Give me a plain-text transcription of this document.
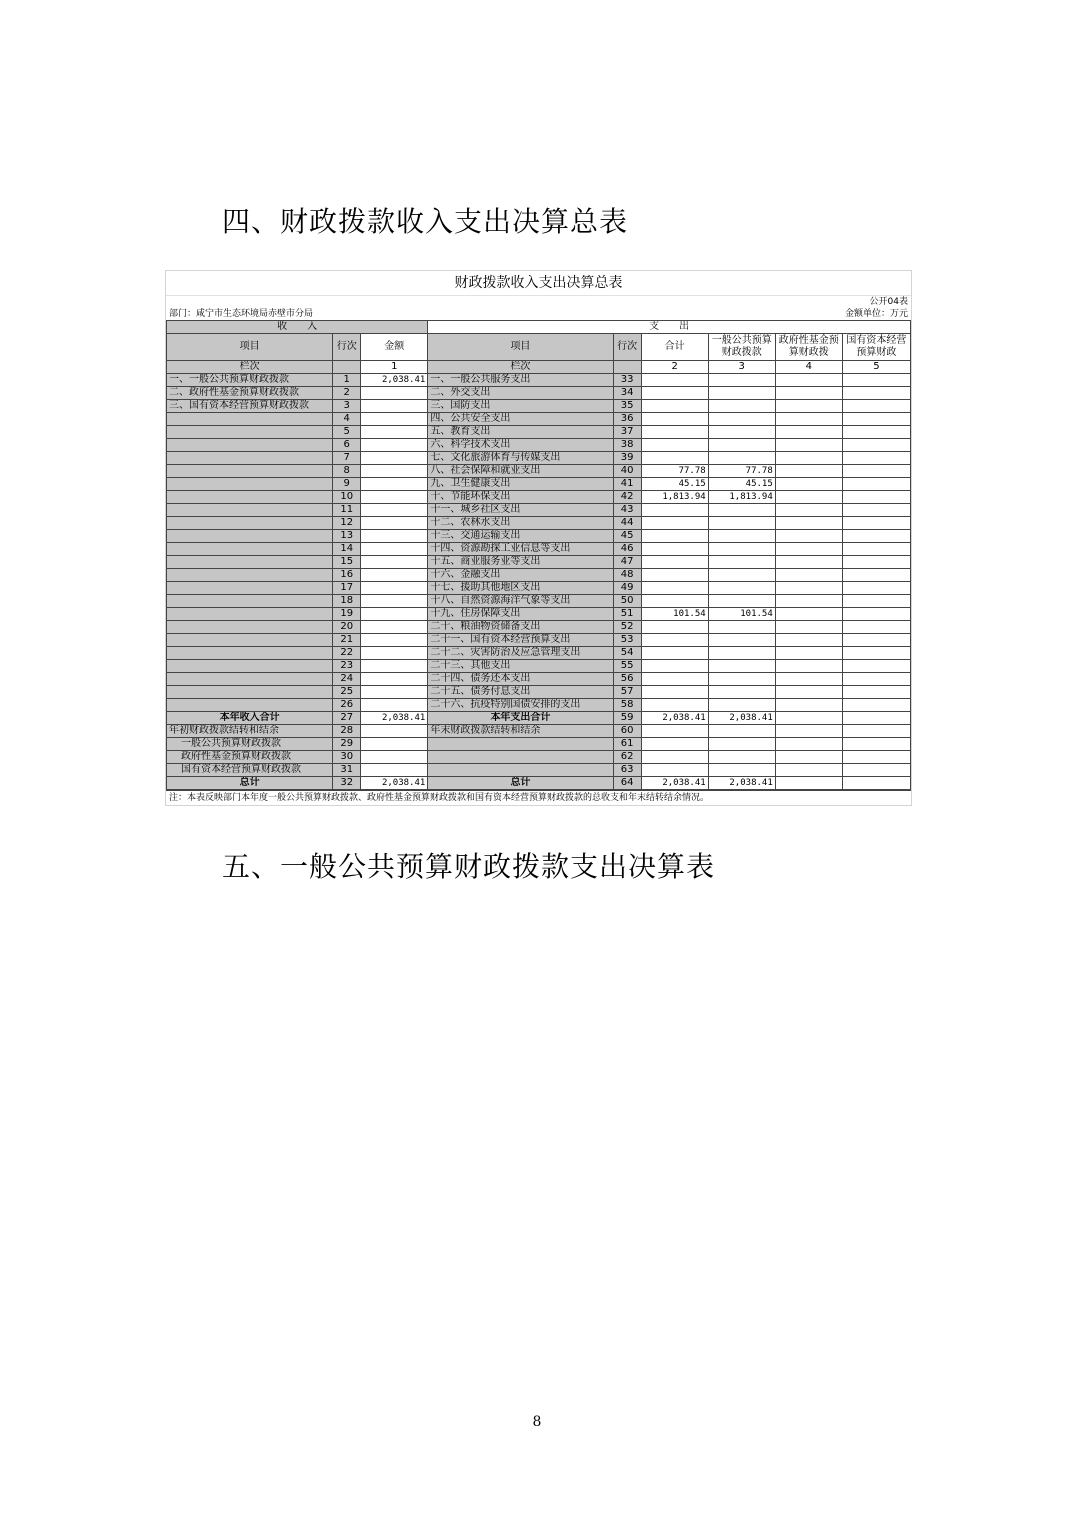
四、财政拨款收入支出决算总表
财政拨款收入支出决算总表
公开04表
部门：咸宁市生态环境局赤壁市分局	金额单位：万元
收　　入			支　　出					
项目	行次	金额	项目	行次	合计	一般公共预算财政拨款	政府性基金预算财政拨	国有资本经营预算财政
栏次		1	栏次		2	3	4	5
一、一般公共预算财政拨款	1	2,038.41	一、一般公共服务支出	33				
二、政府性基金预算财政拨款	2		二、外交支出	34				
三、国有资本经营预算财政拨款	3		三、国防支出	35				
	4		四、公共安全支出	36				
	5		五、教育支出	37				
	6		六、科学技术支出	38				
	7		七、文化旅游体育与传媒支出	39				
	8		八、社会保障和就业支出	40	77.78	77.78		
	9		九、卫生健康支出	41	45.15	45.15		
	10		十、节能环保支出	42	1,813.94	1,813.94		
	11		十一、城乡社区支出	43				
	12		十二、农林水支出	44				
	13		十三、交通运输支出	45				
	14		十四、资源勘探工业信息等支出	46				
	15		十五、商业服务业等支出	47				
	16		十六、金融支出	48				
	17		十七、援助其他地区支出	49				
	18		十八、自然资源海洋气象等支出	50				
	19		十九、住房保障支出	51	101.54	101.54		
	20		二十、粮油物资储备支出	52				
	21		二十一、国有资本经营预算支出	53				
	22		二十二、灾害防治及应急管理支出	54				
	23		二十三、其他支出	55				
	24		二十四、债务还本支出	56				
	25		二十五、债务付息支出	57				
	26		二十六、抗疫特别国债安排的支出	58				
本年收入合计	27	2,038.41	本年支出合计	59	2,038.41	2,038.41		
年初财政拨款结转和结余	28		年末财政拨款结转和结余	60				
一般公共预算财政拨款	29			61				
政府性基金预算财政拨款	30			62				
国有资本经营预算财政拨款	31			63				
总计	32	2,038.41	总计	64	2,038.41	2,038.41		
注：本表反映部门本年度一般公共预算财政拨款、政府性基金预算财政拨款和国有资本经营预算财政拨款的总收支和年末结转结余情况。
五、一般公共预算财政拨款支出决算表
8
